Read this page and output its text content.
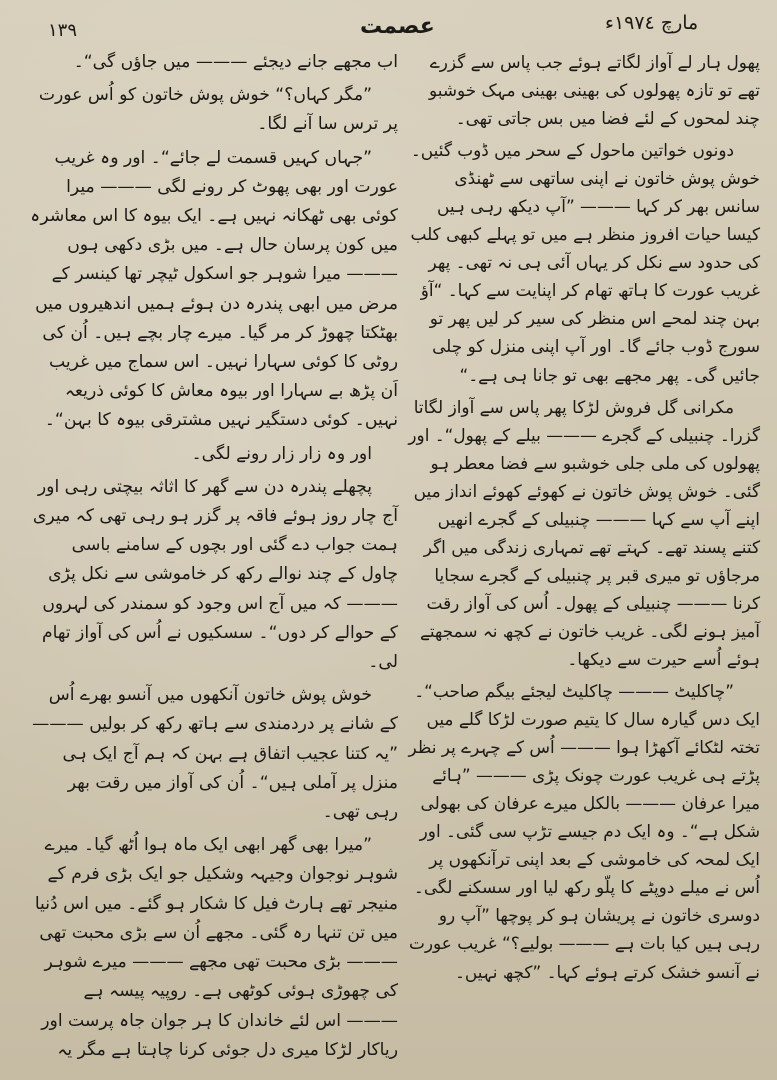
١٣٩	عصمت	مارچ ١٩٧٤ء

پھول ہار لے آواز لگاتے ہوئے جب پاس سے گزرے تھے تو تازہ پھولوں کی بھینی بھینی مہک خوشبو چند لمحوں کے لئے فضا میں بس جاتی تھی۔

دونوں خواتین ماحول کے سحر میں ڈوب گئیں۔ خوش پوش خاتون نے اپنی ساتھی سے ٹھنڈی سانس بھر کر کہا ——— ”آپ دیکھ رہی ہیں کیسا حیات افروز منظر ہے میں تو پہلے کبھی کلب کی حدود سے نکل کر یہاں آئی ہی نہ تھی۔ پھر غریب عورت کا ہاتھ تھام کر اپنایت سے کہا۔ “آؤ بہن چند لمحے اس منظر کی سیر کر لیں پھر تو سورج ڈوب جائے گا۔ اور آپ اپنی منزل کو چلی جائیں گی۔ پھر مجھے بھی تو جانا ہی ہے۔“

مکرانی گل فروش لڑکا پھر پاس سے آواز لگاتا گزرا۔ چنبیلی کے گجرے ——— بیلے کے پھول“۔ اور پھولوں کی ملی جلی خوشبو سے فضا معطر ہو گئی۔ خوش پوش خاتون نے کھوئے کھوئے انداز میں اپنے آپ سے کہا ——— چنبیلی کے گجرے انھیں کتنے پسند تھے۔ کہتے تھے تمہاری زندگی میں اگر مرجاؤں تو میری قبر پر چنبیلی کے گجرے سجایا کرنا ——— چنبیلی کے پھول۔ اُس کی آواز رقت آمیز ہونے لگی۔ غریب خاتون نے کچھ نہ سمجھتے ہوئے اُسے حیرت سے دیکھا۔

”چاکلیٹ ——— چاکلیٹ لیجئے بیگم صاحب“۔ ایک دس گیارہ سال کا یتیم صورت لڑکا گلے میں تختہ لٹکائے آکھڑا ہوا ——— اُس کے چہرے پر نظر پڑتے ہی غریب عورت چونک پڑی ——— ”ہائے میرا عرفان ——— بالکل میرے عرفان کی بھولی شکل ہے“۔ وہ ایک دم جیسے تڑپ سی گئی۔ اور ایک لمحہ کی خاموشی کے بعد اپنی ترآنکھوں پر اُس نے میلے دوپٹے کا پلّو رکھ لیا اور سسکنے لگی۔ دوسری خاتون نے پریشان ہو کر پوچھا ”آپ رو رہی ہیں کیا بات ہے ——— بولیے؟“ غریب عورت نے آنسو خشک کرتے ہوئے کہا۔ ”کچھ نہیں۔

اب مجھے جانے دیجئے ——— میں جاؤں گی“۔

”مگر کہاں؟“ خوش پوش خاتون کو اُس عورت پر ترس سا آنے لگا۔

”جہاں کہیں قسمت لے جائے“۔ اور وہ غریب عورت اور بھی پھوٹ کر رونے لگی ——— میرا کوئی بھی ٹھکانہ نہیں ہے۔ ایک بیوہ کا اس معاشرہ میں کون پرسان حال ہے۔ میں بڑی دکھی ہوں ——— میرا شوہر جو اسکول ٹیچر تھا کینسر کے مرض میں ابھی پندرہ دن ہوئے ہمیں اندھیروں میں بھٹکتا چھوڑ کر مر گیا۔ میرے چار بچے ہیں۔ اُن کی روٹی کا کوئی سہارا نہیں۔ اس سماج میں غریب اَن پڑھ بے سہارا اور بیوہ معاش کا کوئی ذریعہ نہیں۔ کوئی دستگیر نہیں مشترقی بیوہ کا بہن“۔

اور وہ زار زار رونے لگی۔

پچھلے پندرہ دن سے گھر کا اثاثہ بیچتی رہی اور آج چار روز ہوئے فاقہ پر گزر ہو رہی تھی کہ میری ہمت جواب دے گئی اور بچوں کے سامنے باسی چاول کے چند نوالے رکھ کر خاموشی سے نکل پڑی ——— کہ میں آج اس وجود کو سمندر کی لہروں کے حوالے کر دوں“۔ سسکیوں نے اُس کی آواز تھام لی۔

خوش پوش خاتون آنکھوں میں آنسو بھرے اُس کے شانے پر دردمندی سے ہاتھ رکھ کر بولیں ——— ”یہ کتنا عجیب اتفاق ہے بہن کہ ہم آج ایک ہی منزل پر آملی ہیں“۔ اُن کی آواز میں رقت بھر رہی تھی۔

”میرا بھی گھر ابھی ایک ماہ ہوا اُٹھ گیا۔ میرے شوہر نوجوان وجیہہ وشکیل جو ایک بڑی فرم کے منیجر تھے ہارٹ فیل کا شکار ہو گئے۔ میں اس دُنیا میں تن تنہا رہ گئی۔ مجھے اُن سے بڑی محبت تھی ——— بڑی محبت تھی مجھے ——— میرے شوہر کی چھوڑی ہوئی کوٹھی ہے۔ روپیہ پیسہ ہے ——— اس لئے خاندان کا ہر جوان جاہ پرست اور ریاکار لڑکا میری دل جوئی کرنا چاہتا ہے مگر یہ
